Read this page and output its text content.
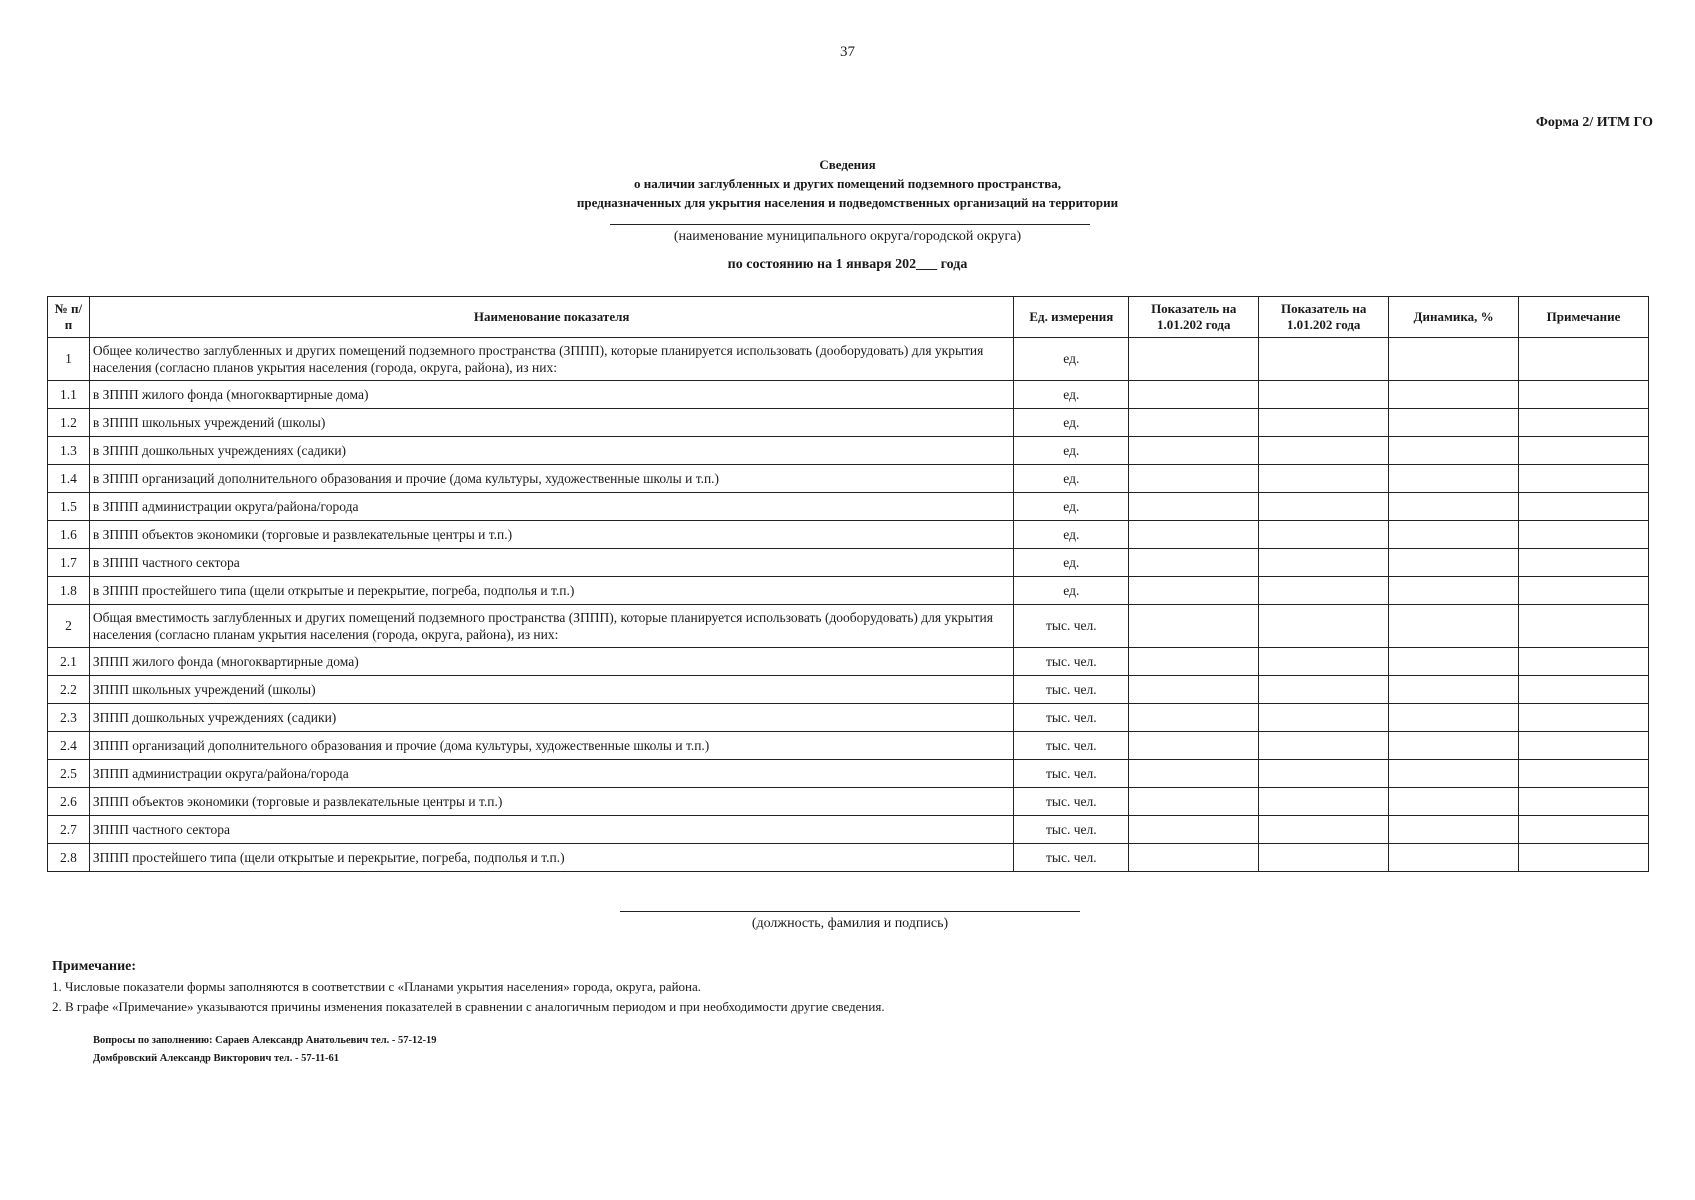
37
Форма 2/ ИТМ ГО
Сведения
о наличии заглубленных и других помещений подземного пространства,
предназначенных для укрытия населения и подведомственных организаций на территории
(наименование муниципального округа/городской округа)
по состоянию на 1 января 202___ года
№ п/п	Наименование показателя	Ед. измерения	Показатель на 1.01.202 года	Показатель на 1.01.202 года	Динамика, %	Примечание
1	Общее количество заглубленных и других помещений подземного пространства (ЗППП), которые планируется использовать (дооборудовать) для укрытия населения (согласно планов укрытия населения (города, округа, района), из них:	ед.				
1.1	в ЗППП жилого фонда (многоквартирные дома)	ед.				
1.2	в ЗППП школьных учреждений (школы)	ед.				
1.3	в ЗППП дошкольных учреждениях (садики)	ед.				
1.4	в ЗППП организаций дополнительного образования и прочие (дома культуры, художественные школы и т.п.)	ед.				
1.5	в ЗППП администрации округа/района/города	ед.				
1.6	в ЗППП объектов экономики (торговые и развлекательные центры и т.п.)	ед.				
1.7	в ЗППП частного сектора	ед.				
1.8	в ЗППП простейшего типа (щели открытые и перекрытие, погреба, подполья и т.п.)	ед.				
2	Общая вместимость заглубленных и других помещений подземного пространства (ЗППП), которые планируется использовать (дооборудовать) для укрытия населения (согласно планам укрытия населения (города, округа, района), из них:	тыс. чел.				
2.1	ЗППП жилого фонда (многоквартирные дома)	тыс. чел.				
2.2	ЗППП школьных учреждений (школы)	тыс. чел.				
2.3	ЗППП дошкольных учреждениях (садики)	тыс. чел.				
2.4	ЗППП организаций дополнительного образования и прочие (дома культуры, художественные школы и т.п.)	тыс. чел.				
2.5	ЗППП администрации округа/района/города	тыс. чел.				
2.6	ЗППП объектов экономики (торговые и развлекательные центры и т.п.)	тыс. чел.				
2.7	ЗППП частного сектора	тыс. чел.				
2.8	ЗППП простейшего типа (щели открытые и перекрытие, погреба, подполья и т.п.)	тыс. чел.				
(должность, фамилия и подпись)
Примечание:
1. Числовые показатели формы заполняются в соответствии с «Планами укрытия населения» города, округа, района.
2. В графе «Примечание» указываются причины изменения показателей в сравнении с аналогичным периодом и при необходимости другие сведения.
Вопросы по заполнению: Сараев Александр Анатольевич тел. - 57-12-19
Домбровский Александр Викторович тел. - 57-11-61
